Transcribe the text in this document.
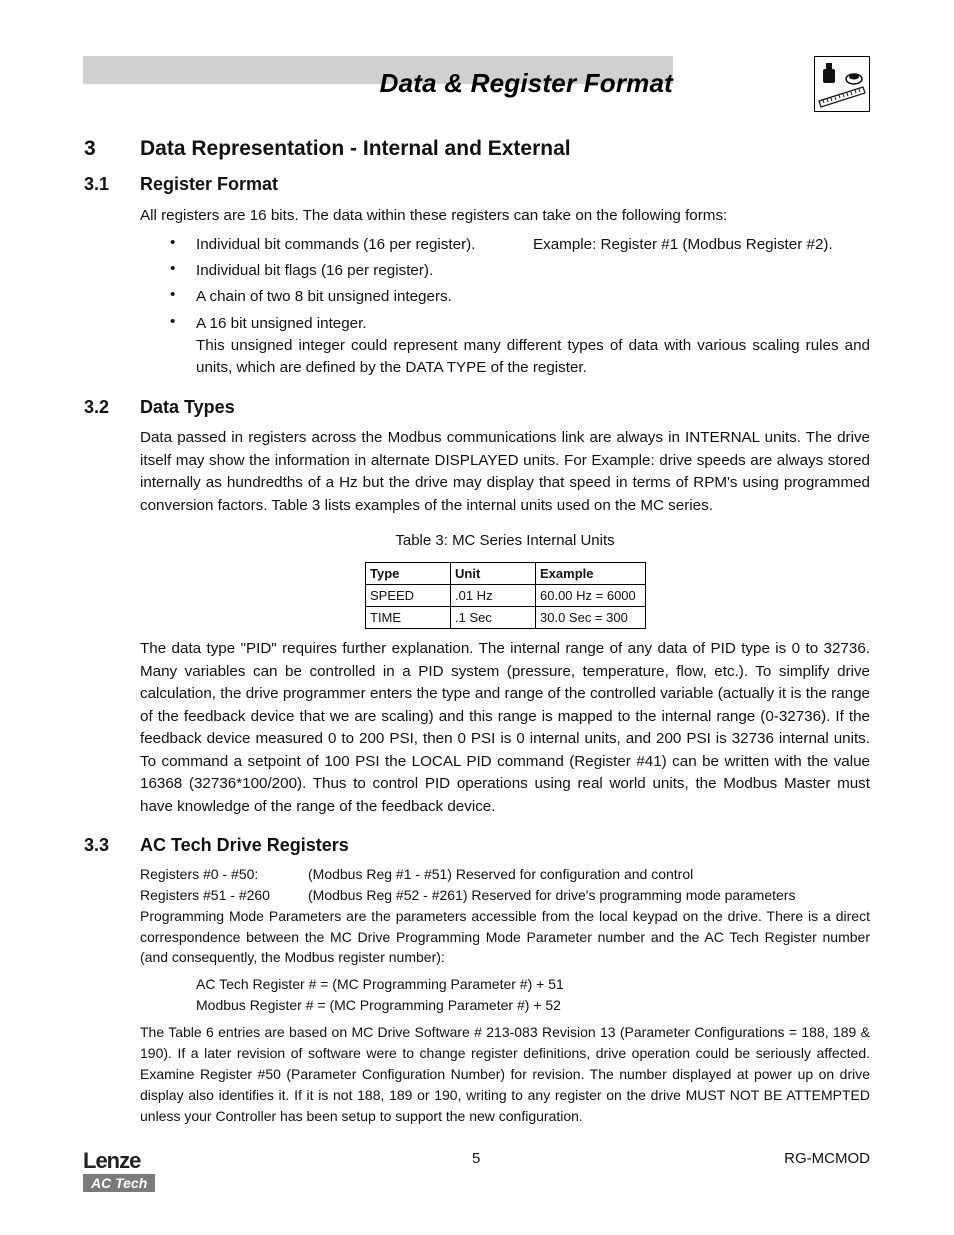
Data & Register Format
3 Data Representation - Internal and External
3.1 Register Format
All registers are 16 bits. The data within these registers can take on the following forms:
• Individual bit commands (16 per register).	Example: Register #1 (Modbus Register #2).
• Individual bit flags (16 per register).
• A chain of two 8 bit unsigned integers.
• A 16 bit unsigned integer.
This unsigned integer could represent many different types of data with various scaling rules and units, which are defined by the DATA TYPE of the register.
3.2 Data Types
Data passed in registers across the Modbus communications link are always in INTERNAL units. The drive itself may show the information in alternate DISPLAYED units. For Example: drive speeds are always stored internally as hundredths of a Hz but the drive may display that speed in terms of RPM's using programmed conversion factors. Table 3 lists examples of the internal units used on the MC series.
Table 3: MC Series Internal Units
Type	Unit	Example
SPEED	.01 Hz	60.00 Hz = 6000
TIME	.1 Sec	30.0 Sec = 300
The data type "PID" requires further explanation. The internal range of any data of PID type is 0 to 32736. Many variables can be controlled in a PID system (pressure, temperature, flow, etc.). To simplify drive calculation, the drive programmer enters the type and range of the controlled variable (actually it is the range of the feedback device that we are scaling) and this range is mapped to the internal range (0-32736). If the feedback device measured 0 to 200 PSI, then 0 PSI is 0 internal units, and 200 PSI is 32736 internal units. To command a setpoint of 100 PSI the LOCAL PID command (Register #41) can be written with the value 16368 (32736*100/200). Thus to control PID operations using real world units, the Modbus Master must have knowledge of the range of the feedback device.
3.3 AC Tech Drive Registers
Registers #0 - #50:	(Modbus Reg #1 - #51) Reserved for configuration and control
Registers #51 - #260	(Modbus Reg #52 - #261) Reserved for drive's programming mode parameters
Programming Mode Parameters are the parameters accessible from the local keypad on the drive. There is a direct correspondence between the MC Drive Programming Mode Parameter number and the AC Tech Register number (and consequently, the Modbus register number):
AC Tech Register # = (MC Programming Parameter #) + 51
Modbus Register # = (MC Programming Parameter #) + 52
The Table 6 entries are based on MC Drive Software # 213-083 Revision 13 (Parameter Configurations = 188, 189 & 190). If a later revision of software were to change register definitions, drive operation could be seriously affected. Examine Register #50 (Parameter Configuration Number) for revision. The number displayed at power up on drive display also identifies it. If it is not 188, 189 or 190, writing to any register on the drive MUST NOT BE ATTEMPTED unless your Controller has been setup to support the new configuration.
Lenze
AC Tech
5	RG-MCMOD
